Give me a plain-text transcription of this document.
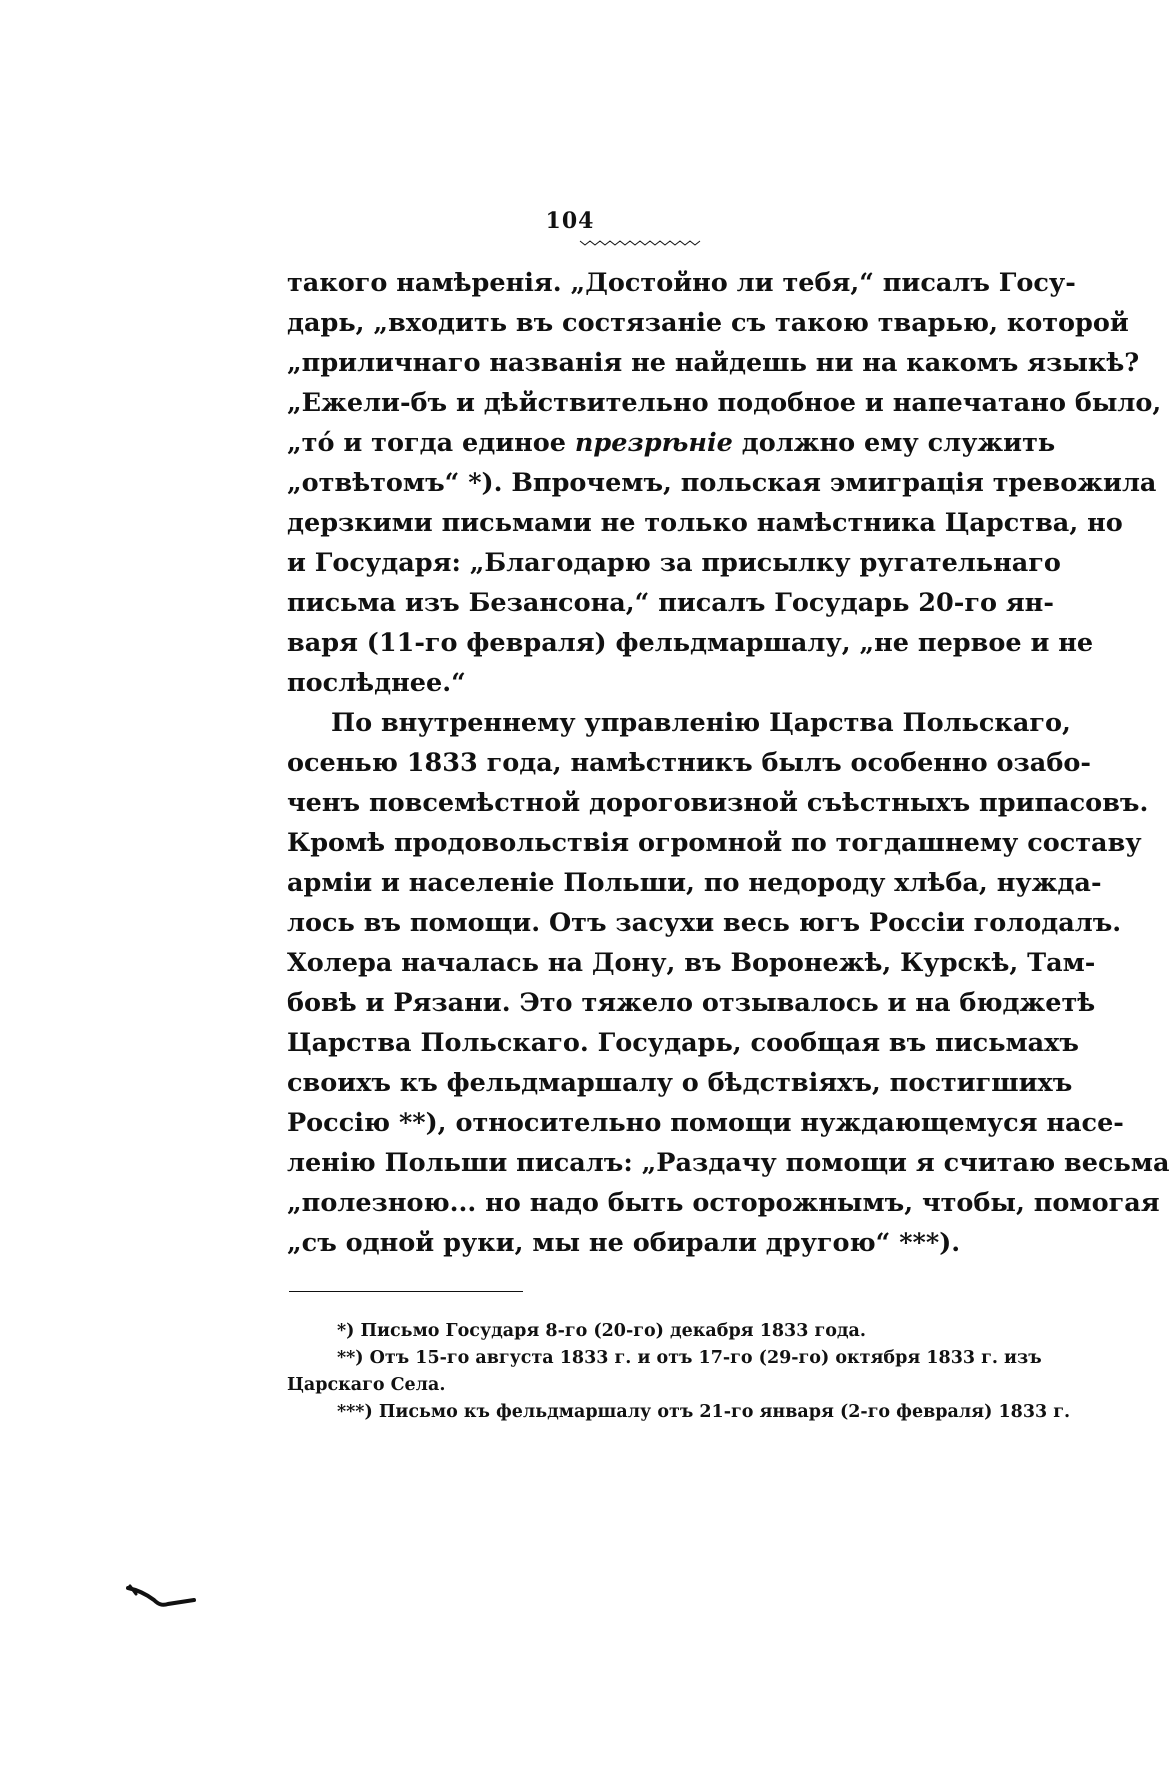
104
такого намѣренія. „Достойно ли тебя,“ писалъ Госу-
дарь, „входить въ состязаніе съ такою тварью, которой
„приличнаго названія не найдешь ни на какомъ языкѣ?
„Ежели-бъ и дѣйствительно подобное и напечатано было,
„то́ и тогда единое презрѣніе должно ему служить
„отвѣтомъ“ *). Впрочемъ, польская эмиграція тревожила
дерзкими письмами не только намѣстника Царства, но
и Государя: „Благодарю за присылку ругательнаго
письма изъ Безансона,“ писалъ Государь 20-го ян-
варя (11-го февраля) фельдмаршалу, „не первое и не
послѣднее.“
По внутреннему управленію Царства Польскаго,
осенью 1833 года, намѣстникъ былъ особенно озабо-
ченъ повсемѣстной дороговизной съѣстныхъ припасовъ.
Кромѣ продовольствія огромной по тогдашнему составу
арміи и населеніе Польши, по недороду хлѣба, нужда-
лось въ помощи. Отъ засухи весь югъ Россіи голодалъ.
Холера началась на Дону, въ Воронежѣ, Курскѣ, Там-
бовѣ и Рязани. Это тяжело отзывалось и на бюджетѣ
Царства Польскаго. Государь, сообщая въ письмахъ
своихъ къ фельдмаршалу о бѣдствіяхъ, постигшихъ
Россію **), относительно помощи нуждающемуся насе-
ленію Польши писалъ: „Раздачу помощи я считаю весьма
„полезною... но надо быть осторожнымъ, чтобы, помогая
„съ одной руки, мы не обирали другою“ ***).
*) Письмо Государя 8-го (20-го) декабря 1833 года.
**) Отъ 15-го августа 1833 г. и отъ 17-го (29-го) октября 1833 г. изъ
Царскаго Села.
***) Письмо къ фельдмаршалу отъ 21-го января (2-го февраля) 1833 г.
